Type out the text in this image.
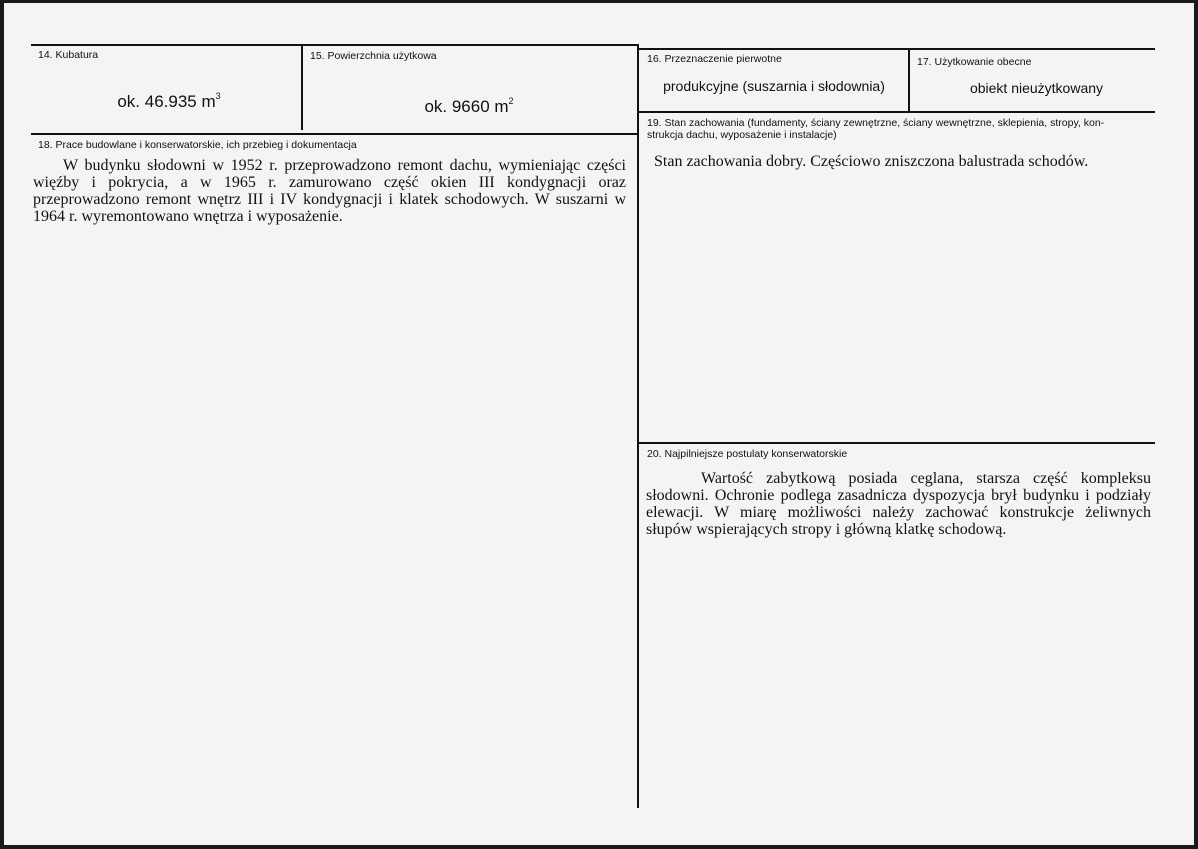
14. Kubatura
ok. 46.935 $m^3$
15. Powierzchnia użytkowa
ok. 9660 $m^2$
16. Przeznaczenie pierwotne
produkcyjne (suszarnia i słodownia)
17. Użytkowanie obecne
obiekt nieużytkowany
18. Prace budowlane i konserwatorskie, ich przebieg i dokumentacja
W budynku słodowni w 1952 r. przeprowadzono remont dachu, wymieniając części więźby i pokrycia, a w 1965 r. zamurowano część okien III kondygnacji oraz przeprowadzono remont wnętrz III i IV kondygnacji i klatek schodowych. W suszarni w 1964 r. wyremontowano wnętrza i wyposażenie.
19. Stan zachowania (fundamenty, ściany zewnętrzne, ściany wewnętrzne, sklepienia, stropy, kon-
strukcja dachu, wyposażenie i instalacje)
Stan zachowania dobry. Częściowo zniszczona balustrada schodów.
20. Najpilniejsze postulaty konserwatorskie
Wartość zabytkową posiada ceglana, starsza część kompleksu słodowni. Ochronie podlega zasadnicza dyspozycja brył budynku i podziały elewacji. W miarę możliwości należy zachować konstrukcje żeliwnych słupów wspierających stropy i główną klatkę schodową.
